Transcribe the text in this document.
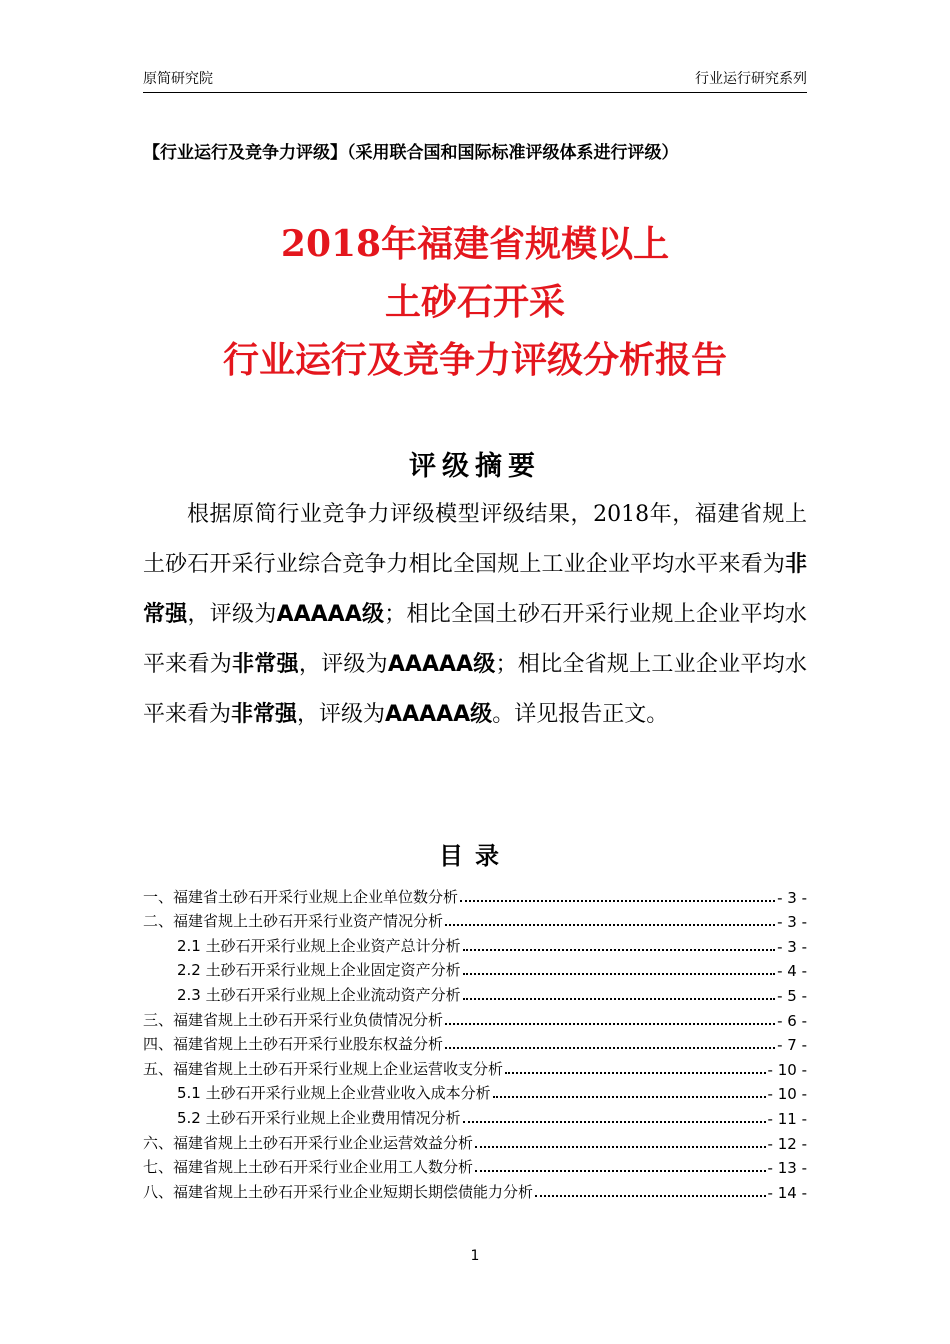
原简研究院	行业运行研究系列
【行业运行及竞争力评级】（采用联合国和国际标准评级体系进行评级）
2018年福建省规模以上
土砂石开采
行业运行及竞争力评级分析报告
评级摘要
根据原简行业竞争力评级模型评级结果，2018年，福建省规上土砂石开采行业综合竞争力相比全国规上工业企业平均水平来看为非常强，评级为AAAAA级；相比全国土砂石开采行业规上企业平均水平来看为非常强，评级为AAAAA级；相比全省规上工业企业平均水平来看为非常强，评级为AAAAA级。详见报告正文。
目录
一、福建省土砂石开采行业规上企业单位数分析	- 3 -
二、福建省规上土砂石开采行业资产情况分析	- 3 -
2.1 土砂石开采行业规上企业资产总计分析	- 3 -
2.2 土砂石开采行业规上企业固定资产分析	- 4 -
2.3 土砂石开采行业规上企业流动资产分析	- 5 -
三、福建省规上土砂石开采行业负债情况分析	- 6 -
四、福建省规上土砂石开采行业股东权益分析	- 7 -
五、福建省规上土砂石开采行业规上企业运营收支分析	- 10 -
5.1 土砂石开采行业规上企业营业收入成本分析	- 10 -
5.2 土砂石开采行业规上企业费用情况分析	- 11 -
六、福建省规上土砂石开采行业企业运营效益分析	- 12 -
七、福建省规上土砂石开采行业企业用工人数分析	- 13 -
八、福建省规上土砂石开采行业企业短期长期偿债能力分析	- 14 -
1
